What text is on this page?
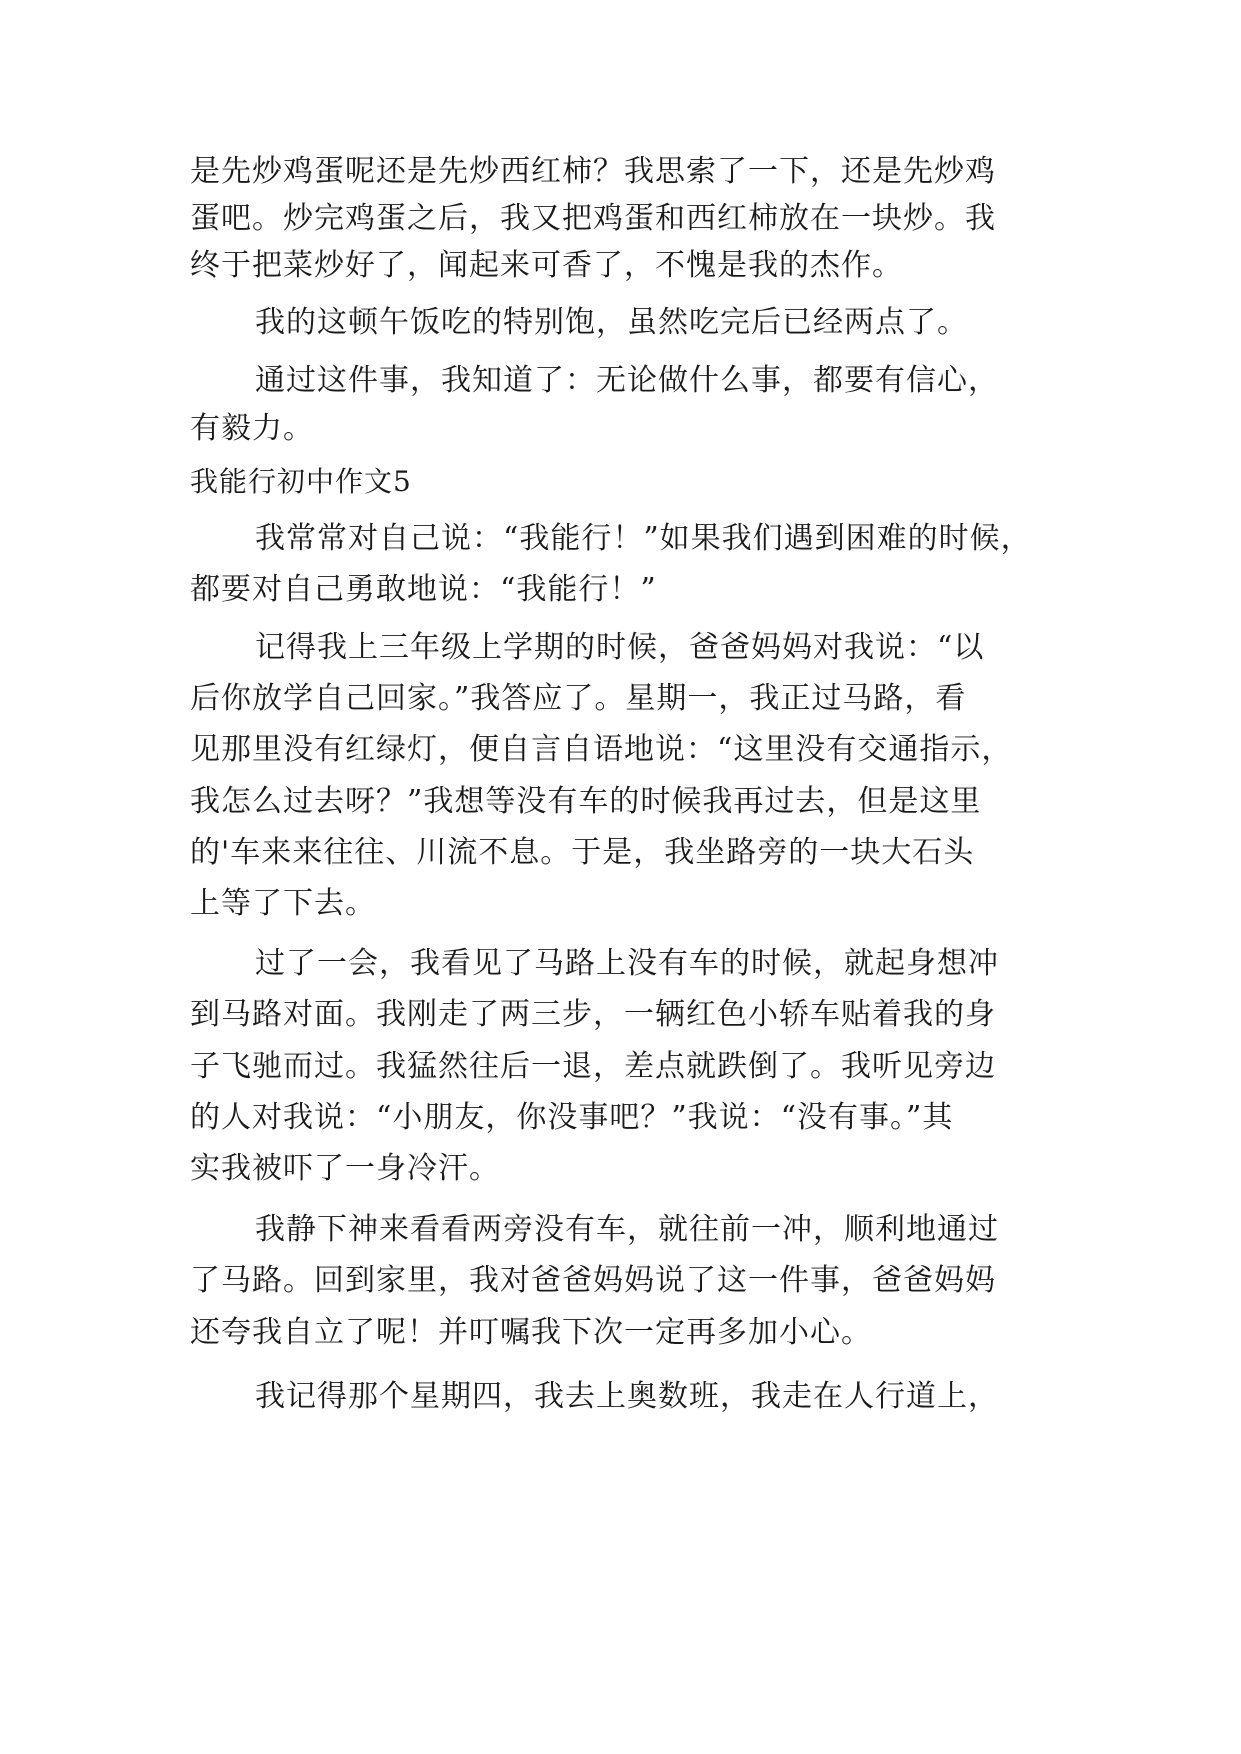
是先炒鸡蛋呢还是先炒西红柿？我思索了一下，还是先炒鸡
蛋吧。炒完鸡蛋之后，我又把鸡蛋和西红柿放在一块炒。我
终于把菜炒好了，闻起来可香了，不愧是我的杰作。
我的这顿午饭吃的特别饱，虽然吃完后已经两点了。
通过这件事，我知道了：无论做什么事，都要有信心，
有毅力。
我能行初中作文5
我常常对自己说：“我能行！”如果我们遇到困难的时候，
都要对自己勇敢地说：“我能行！”
记得我上三年级上学期的时候，爸爸妈妈对我说：“以
后你放学自己回家。”我答应了。星期一，我正过马路，看
见那里没有红绿灯，便自言自语地说：“这里没有交通指示，
我怎么过去呀？”我想等没有车的时候我再过去，但是这里
的'车来来往往、川流不息。于是，我坐路旁的一块大石头
上等了下去。
过了一会，我看见了马路上没有车的时候，就起身想冲
到马路对面。我刚走了两三步，一辆红色小轿车贴着我的身
子飞驰而过。我猛然往后一退，差点就跌倒了。我听见旁边
的人对我说：“小朋友，你没事吧？”我说：“没有事。”其
实我被吓了一身冷汗。
我静下神来看看两旁没有车，就往前一冲，顺利地通过
了马路。回到家里，我对爸爸妈妈说了这一件事，爸爸妈妈
还夸我自立了呢！并叮嘱我下次一定再多加小心。
我记得那个星期四，我去上奥数班，我走在人行道上，
